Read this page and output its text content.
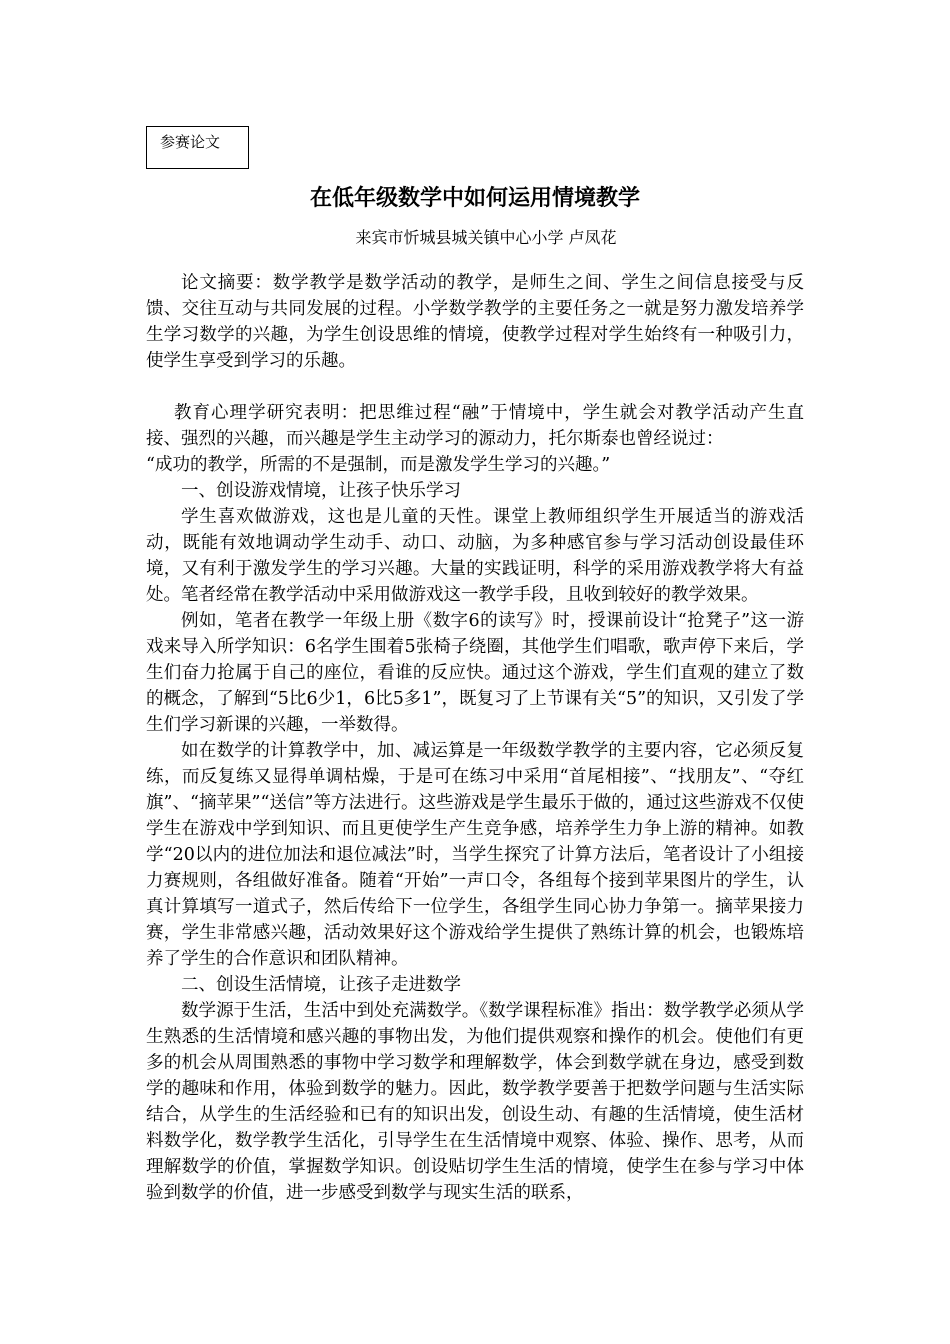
参赛论文
在低年级数学中如何运用情境教学
来宾市忻城县城关镇中心小学 卢凤花

论文摘要：数学教学是数学活动的教学，是师生之间、学生之间信息接受与反馈、交往互动与共同发展的过程。小学数学教学的主要任务之一就是努力激发培养学生学习数学的兴趣，为学生创设思维的情境，使教学过程对学生始终有一种吸引力，使学生享受到学习的乐趣。

教育心理学研究表明：把思维过程“融”于情境中，学生就会对教学活动产生直接、强烈的兴趣，而兴趣是学生主动学习的源动力，托尔斯泰也曾经说过：

“成功的教学，所需的不是强制，而是激发学生学习的兴趣。”

一、创设游戏情境，让孩子快乐学习

学生喜欢做游戏，这也是儿童的天性。课堂上教师组织学生开展适当的游戏活动，既能有效地调动学生动手、动口、动脑，为多种感官参与学习活动创设最佳环境，又有利于激发学生的学习兴趣。大量的实践证明，科学的采用游戏教学将大有益处。笔者经常在教学活动中采用做游戏这一教学手段，且收到较好的教学效果。

例如，笔者在教学一年级上册《数字6的读写》时，授课前设计“抢凳子”这一游戏来导入所学知识：6名学生围着5张椅子绕圈，其他学生们唱歌，歌声停下来后，学生们奋力抢属于自己的座位，看谁的反应快。通过这个游戏，学生们直观的建立了数的概念，了解到“5比6少1，6比5多1”，既复习了上节课有关“5”的知识，又引发了学生们学习新课的兴趣，一举数得。

如在数学的计算教学中，加、减运算是一年级数学教学的主要内容，它必须反复练，而反复练又显得单调枯燥，于是可在练习中采用“首尾相接”、“找朋友”、“夺红旗”、“摘苹果”“送信”等方法进行。这些游戏是学生最乐于做的，通过这些游戏不仅使学生在游戏中学到知识、而且更使学生产生竞争感，培养学生力争上游的精神。如教学“20以内的进位加法和退位减法”时，当学生探究了计算方法后，笔者设计了小组接力赛规则，各组做好准备。随着“开始”一声口令，各组每个接到苹果图片的学生，认真计算填写一道式子，然后传给下一位学生，各组学生同心协力争第一。摘苹果接力赛，学生非常感兴趣，活动效果好这个游戏给学生提供了熟练计算的机会，也锻炼培养了学生的合作意识和团队精神。

二、创设生活情境，让孩子走进数学

数学源于生活，生活中到处充满数学。《数学课程标准》指出：数学教学必须从学生熟悉的生活情境和感兴趣的事物出发，为他们提供观察和操作的机会。使他们有更多的机会从周围熟悉的事物中学习数学和理解数学，体会到数学就在身边，感受到数学的趣味和作用，体验到数学的魅力。因此，数学教学要善于把数学问题与生活实际结合，从学生的生活经验和已有的知识出发，创设生动、有趣的生活情境，使生活材料数学化，数学教学生活化，引导学生在生活情境中观察、体验、操作、思考，从而理解数学的价值，掌握数学知识。创设贴切学生生活的情境，使学生在参与学习中体验到数学的价值，进一步感受到数学与现实生活的联系，
